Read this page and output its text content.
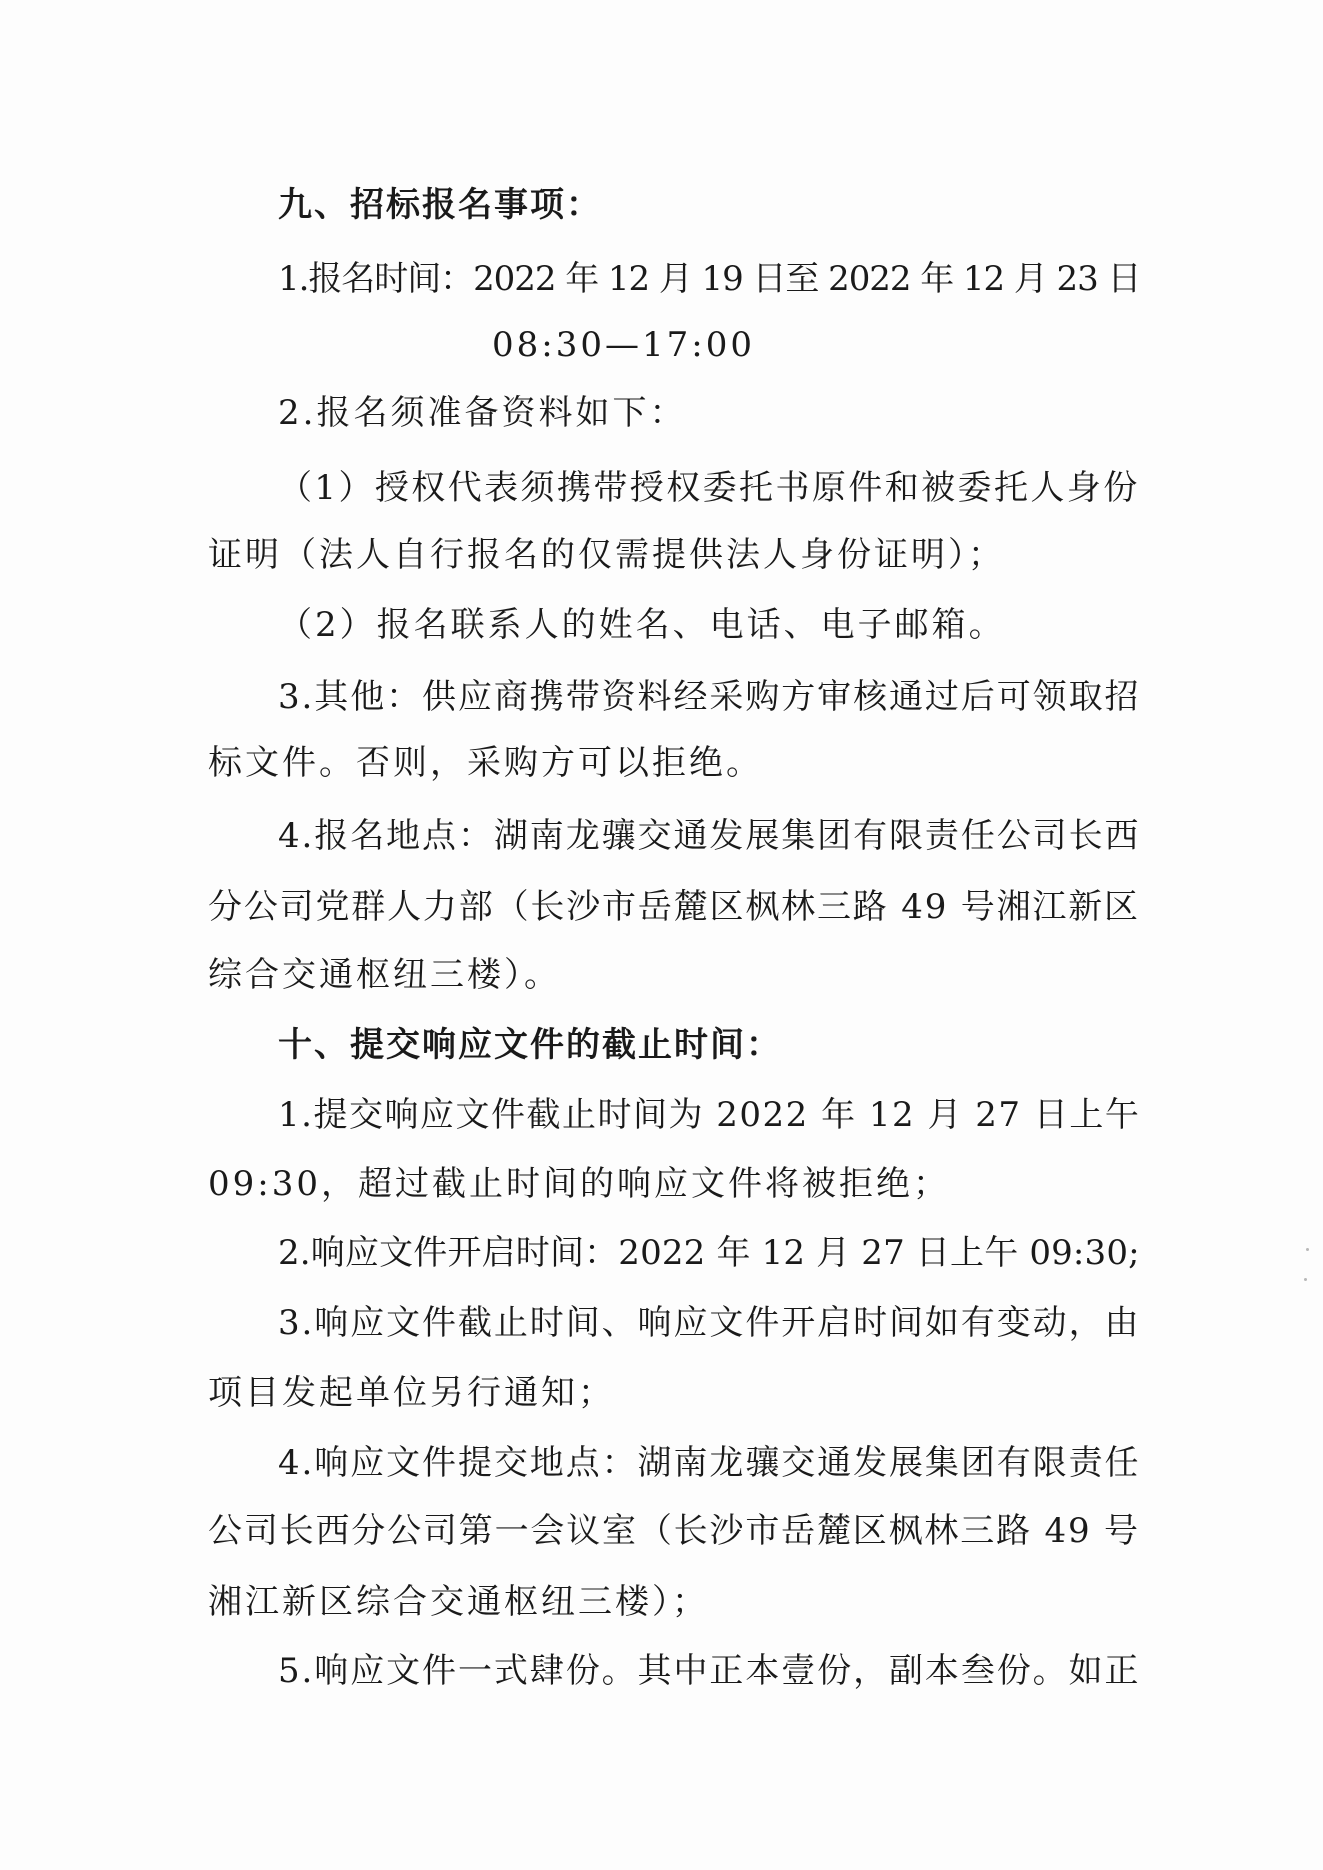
九、招标报名事项：
1.报名时间：2022 年 12 月 19 日至 2022 年 12 月 23 日
08:30—17:00
2.报名须准备资料如下：
（1）授权代表须携带授权委托书原件和被委托人身份
证明（法人自行报名的仅需提供法人身份证明）；
（2）报名联系人的姓名、电话、电子邮箱。
3.其他：供应商携带资料经采购方审核通过后可领取招
标文件。否则，采购方可以拒绝。
4.报名地点：湖南龙骧交通发展集团有限责任公司长西
分公司党群人力部（长沙市岳麓区枫林三路 49 号湘江新区
综合交通枢纽三楼）。
十、提交响应文件的截止时间：
1.提交响应文件截止时间为 2022 年 12 月 27 日上午
09:30，超过截止时间的响应文件将被拒绝；
2.响应文件开启时间：2022 年 12 月 27 日上午 09:30;
3.响应文件截止时间、响应文件开启时间如有变动，由
项目发起单位另行通知；
4.响应文件提交地点：湖南龙骧交通发展集团有限责任
公司长西分公司第一会议室（长沙市岳麓区枫林三路 49 号
湘江新区综合交通枢纽三楼）；
5.响应文件一式肆份。其中正本壹份，副本叁份。如正
